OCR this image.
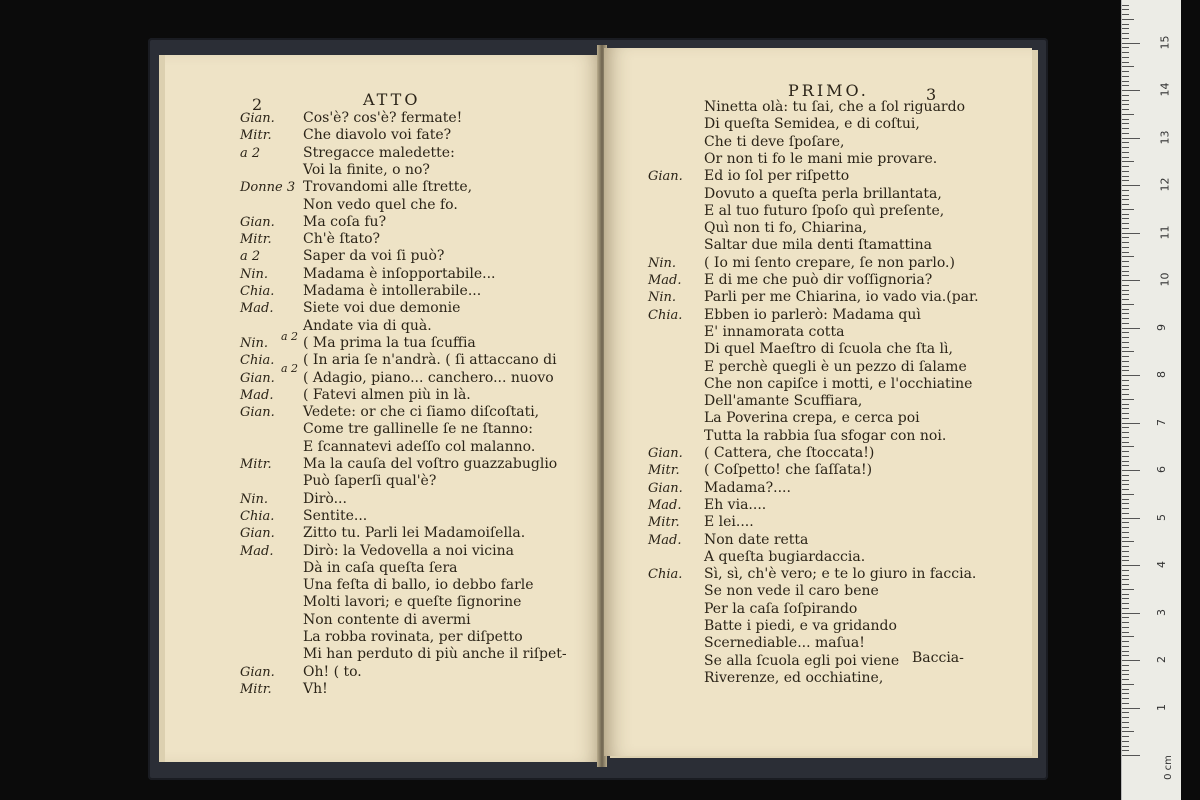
2	ATTO
Gian. Cos'è? cos'è? fermate!
Mitr. Che diavolo voi fate?
a 2	Stregacce maledette:
Voi la finite, o no?
Donne 3 Trovandomi alle ſtrette,
Non vedo quel che fo.
Gian. Ma coſa fu?
Mitr. Ch'è ſtato?
a 2	Saper da voi ſi può?
Nin. Madama è inſopportabile...
Chia. Madama è intollerabile...
Mad. Siete voi due demonie
Andate via di quà.
Nin. ( Ma prima la tua ſcuffia
Chia. ( In aria ſe n'andrà. ( ſi attaccano di
Gian. ( Adagio, piano... canchero... nuovo
Mad. ( Fatevi almen più in là.
Gian. Vedete: or che ci ſiamo diſcoſtati,
Come tre gallinelle ſe ne ſtanno:
E ſcannatevi adeſſo col malanno.
Mitr. Ma la cauſa del voſtro guazzabuglio
Può ſaperſi qual'è?
Nin. Dirò...
Chia. Sentite...
Gian. Zitto tu. Parli lei Madamoiſella.
Mad. Dirò: la Vedovella a noi vicina
Dà in caſa queſta ſera
Una feſta di ballo, io debbo farle
Molti lavori; e queſte ſignorine
Non contente di avermi
La robba rovinata, per diſpetto
Mi han perduto di più anche il riſpet-
Gian. Oh! ( to.
Mitr. Vh!
a 2
a 2
PRIMO.	3
Ninetta olà: tu ſai, che a ſol riguardo
Di queſta Semidea, e di coſtui,
Che ti deve ſpoſare,
Or non ti fo le mani mie provare.
Gian. Ed io ſol per riſpetto
Dovuto a queſta perla brillantata,
E al tuo futuro ſpoſo quì preſente,
Quì non ti fo, Chiarina,
Saltar due mila denti ſtamattina
Nin. ( Io mi ſento crepare, ſe non parlo.)
Mad. E di me che può dir voſſignoria?
Nin. Parli per me Chiarina, io vado via.(par.
Chia. Ebben io parlerò: Madama quì
E' innamorata cotta
Di quel Maeſtro di ſcuola che ſta lì,
E perchè quegli è un pezzo di ſalame
Che non capiſce i motti, e l'occhiatine
Dell'amante Scuffiara,
La Poverina crepa, e cerca poi
Tutta la rabbia ſua sfogar con noi.
Gian. ( Cattera, che ſtoccata!)
Mitr. ( Coſpetto! che ſaſſata!)
Gian. Madama?....
Mad. Eh via....
Mitr. E lei....
Mad. Non date retta
A queſta bugiardaccia.
Chia. Sì, sì, ch'è vero; e te lo giuro in faccia.
Se non vede il caro bene
Per la caſa ſoſpirando
Batte i piedi, e va gridando
Scernediable... maſua!
Se alla ſcuola egli poi viene
Riverenze, ed occhiatine,
Baccia-
0 cm
1
2
3
4
5
6
7
8
9
10
11
12
13
14
15
